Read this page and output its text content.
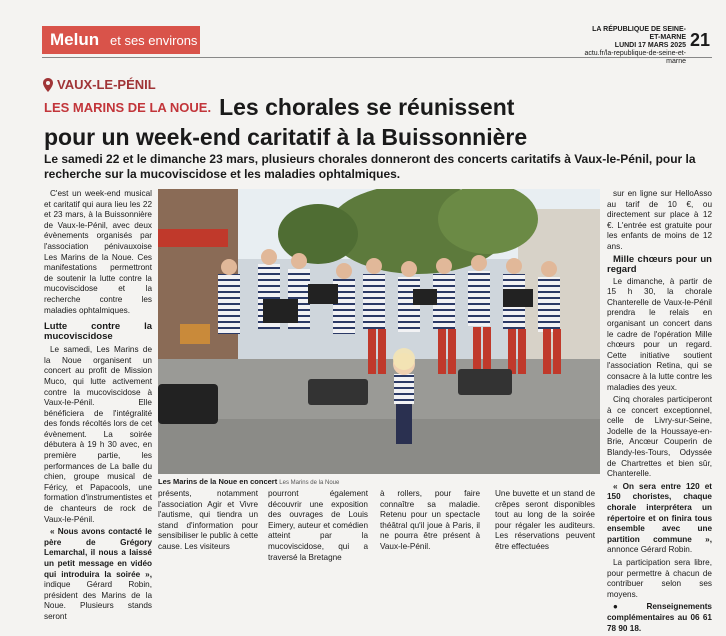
Melun et ses environs
LA RÉPUBLIQUE DE SEINE-ET-MARNE
LUNDI 17 MARS 2025
actu.fr/la-republique-de-seine-et-marne
21
VAUX-LE-PÉNIL
LES MARINS DE LA NOUE. Les chorales se réunissent
pour un week-end caritatif à la Buissonnière
Le samedi 22 et le dimanche 23 mars, plusieurs chorales donneront des concerts caritatifs à Vaux-le-Pénil, pour la recherche sur la mucoviscidose et les maladies ophtalmiques.

C'est un week-end musical et caritatif qui aura lieu les 22 et 23 mars, à la Buissonnière de Vaux-le-Pénil, avec deux évènements organisés par l'association pénivauxoise Les Marins de la Noue. Ces manifestations permettront de soutenir la lutte contre la mucoviscidose et la recherche contre les maladies ophtalmiques.

Lutte contre la mucoviscidose

Le samedi, Les Marins de la Noue organisent un concert au profit de Mission Muco, qui lutte activement contre la mucoviscidose à Vaux-le-Pénil. Elle bénéficiera de l'intégralité des fonds récoltés lors de cet évènement. La soirée débutera à 19 h 30 avec, en première partie, les performances de La balle du chien, groupe musical de Féricy, et Papacools, une formation d'instrumentistes et de chanteurs de rock de Vaux-le-Pénil.

« Nous avons contacté le père de Grégory Lemarchal, il nous a laissé un petit message en vidéo qui introduira la soirée », indique Gérard Robin, président des Marins de la Noue. Plusieurs stands seront

Les Marins de la Noue en concert Les Marins de la Noue
présents, notamment l'association Agir et Vivre l'autisme, qui tiendra un stand d'information pour sensibiliser le public à cette cause. Les visiteurs
pourront également découvrir une exposition des ouvrages de Louis Eimery, auteur et comédien atteint par la mucoviscidose, qui a traversé la Bretagne
à rollers, pour faire connaître sa maladie. Retenu pour un spectacle théâtral qu'il joue à Paris, il ne pourra être présent à Vaux-le-Pénil.
Une buvette et un stand de crêpes seront disponibles tout au long de la soirée pour régaler les auditeurs. Les réservations peuvent être effectuées

sur en ligne sur HelloAsso au tarif de 10 €, ou directement sur place à 12 €. L'entrée est gratuite pour les enfants de moins de 12 ans.

Mille chœurs pour un regard

Le dimanche, à partir de 15 h 30, la chorale Chanterelle de Vaux-le-Pénil prendra le relais en organisant un concert dans le cadre de l'opération Mille chœurs pour un regard. Cette initiative soutient l'association Retina, qui se consacre à la lutte contre les maladies des yeux.

Cinq chorales participeront à ce concert exceptionnel, celle de Livry-sur-Seine, Jodelle de la Houssaye-en-Brie, Ancœur Couperin de Blandy-les-Tours, Odyssée de Chartrettes et bien sûr, Chanterelle.

« On sera entre 120 et 150 choristes, chaque chorale interprétera un répertoire et on finira tous ensemble avec une partition commune », annonce Gérard Robin.

La participation sera libre, pour permettre à chacun de contribuer selon ses moyens.

● Renseignements complémentaires au 06 61 78 90 18.
